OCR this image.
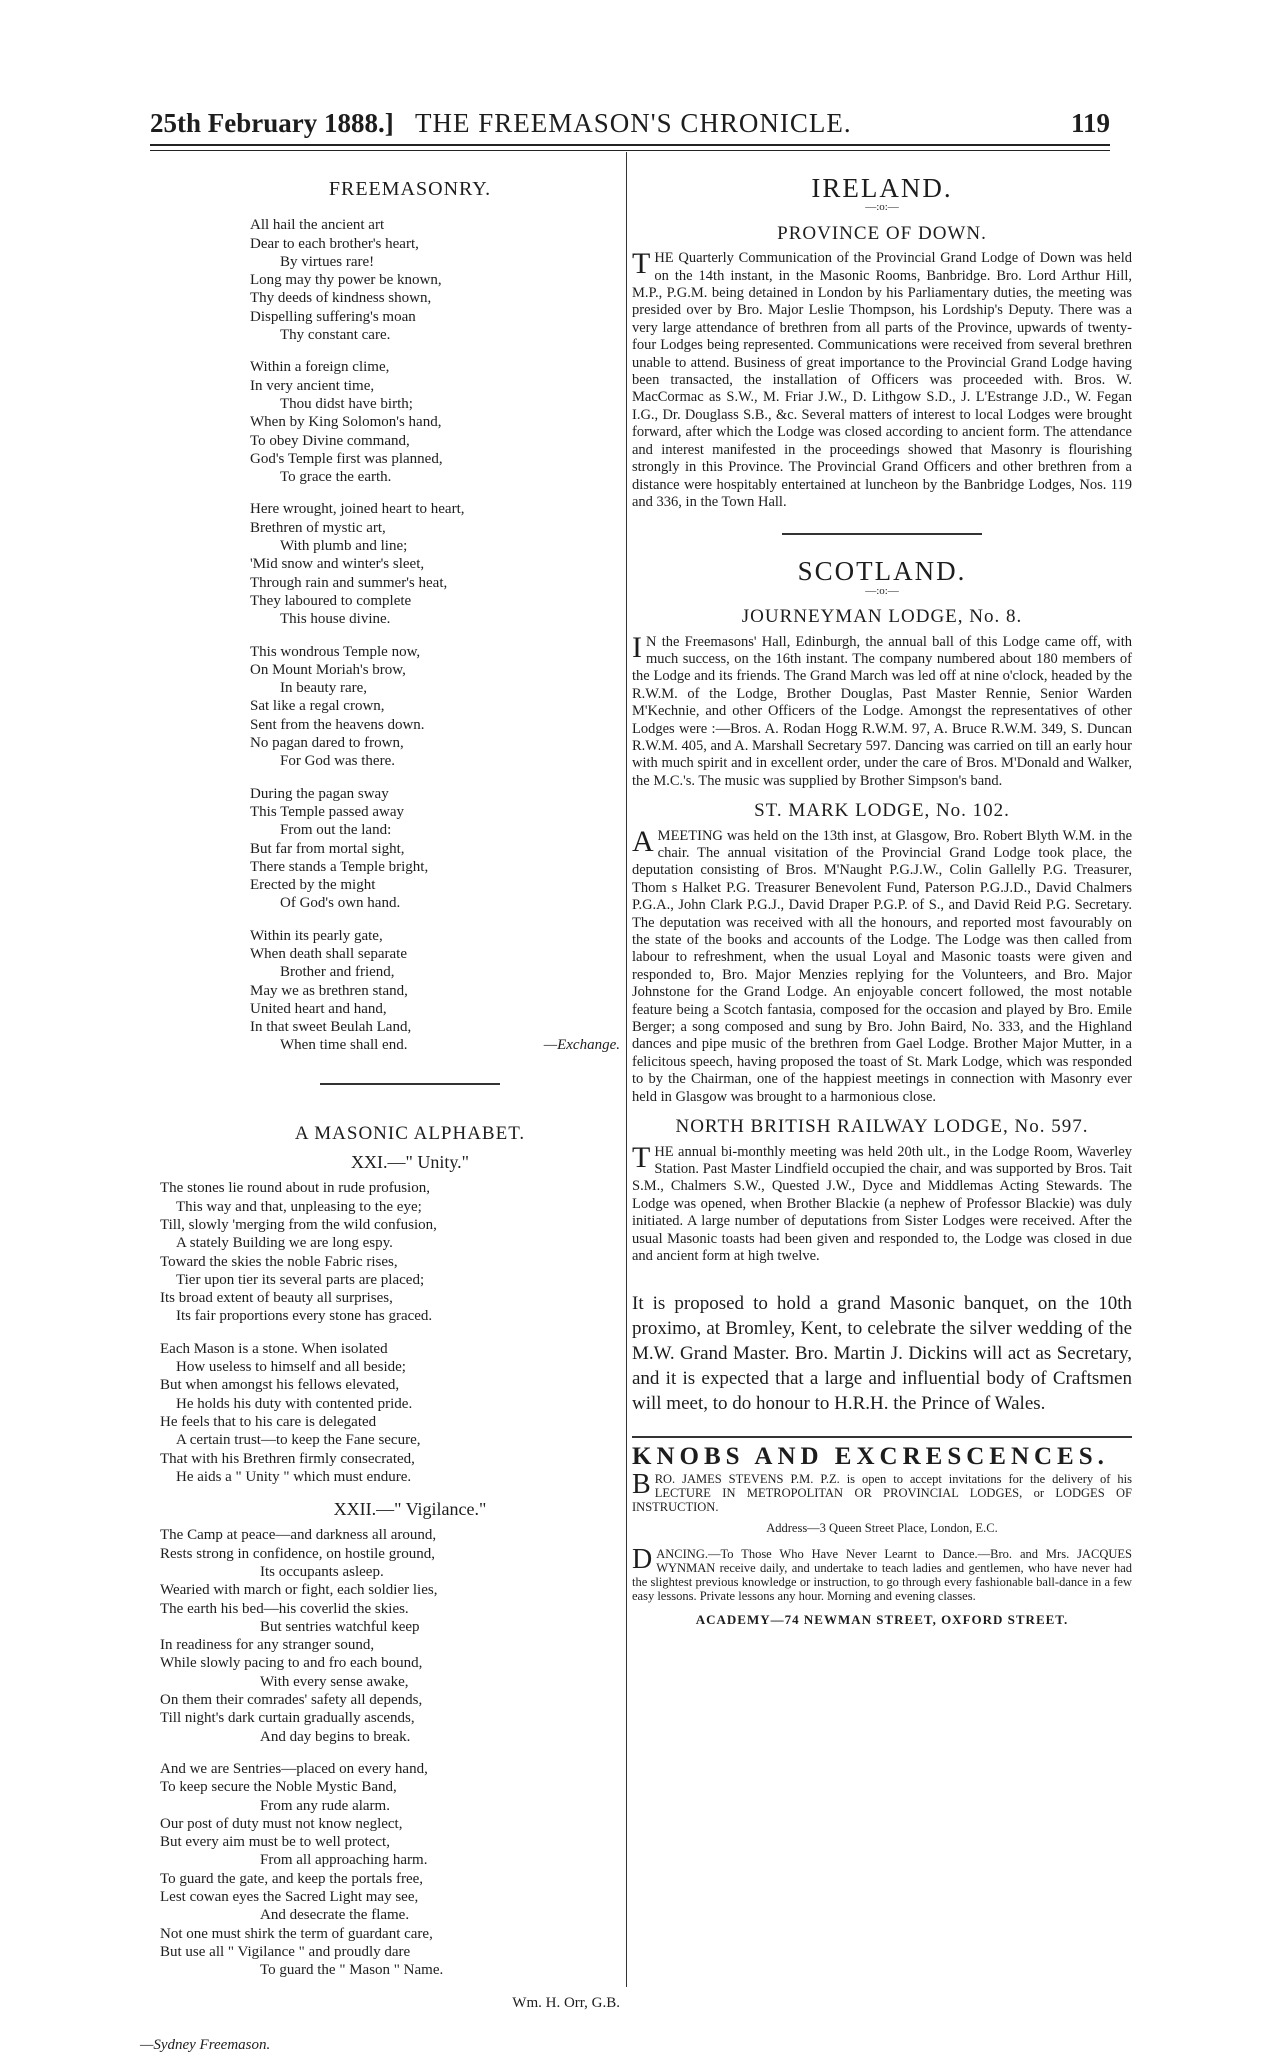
25th February 1888.] THE FREEMASON'S CHRONICLE.	119
FREEMASONRY.
All hail the ancient art
Dear to each brother's heart,
By virtues rare!
Long may thy power be known,
Thy deeds of kindness shown,
Dispelling suffering's moan
Thy constant care.
Within a foreign clime,
In very ancient time,
Thou didst have birth;
When by King Solomon's hand,
To obey Divine command,
God's Temple first was planned,
To grace the earth.
Here wrought, joined heart to heart,
Brethren of mystic art,
With plumb and line;
'Mid snow and winter's sleet,
Through rain and summer's heat,
They laboured to complete
This house divine.
This wondrous Temple now,
On Mount Moriah's brow,
In beauty rare,
Sat like a regal crown,
Sent from the heavens down.
No pagan dared to frown,
For God was there.
During the pagan sway
This Temple passed away
From out the land:
But far from mortal sight,
There stands a Temple bright,
Erected by the might
Of God's own hand.
Within its pearly gate,
When death shall separate
Brother and friend,
May we as brethren stand,
United heart and hand,
In that sweet Beulah Land,
When time shall end.	—Exchange.
A MASONIC ALPHABET.
XXI.—" Unity."
The stones lie round about in rude profusion,
This way and that, unpleasing to the eye;
Till, slowly 'merging from the wild confusion,
A stately Building we are long espy.
Toward the skies the noble Fabric rises,
Tier upon tier its several parts are placed;
Its broad extent of beauty all surprises,
Its fair proportions every stone has graced.
Each Mason is a stone. When isolated
How useless to himself and all beside;
But when amongst his fellows elevated,
He holds his duty with contented pride.
He feels that to his care is delegated
A certain trust—to keep the Fane secure,
That with his Brethren firmly consecrated,
He aids a " Unity " which must endure.
XXII.—" Vigilance."
The Camp at peace—and darkness all around,
Rests strong in confidence, on hostile ground,
Its occupants asleep.
Wearied with march or fight, each soldier lies,
The earth his bed—his coverlid the skies.
But sentries watchful keep
In readiness for any stranger sound,
While slowly pacing to and fro each bound,
With every sense awake,
On them their comrades' safety all depends,
Till night's dark curtain gradually ascends,
And day begins to break.
And we are Sentries—placed on every hand,
To keep secure the Noble Mystic Band,
From any rude alarm.
Our post of duty must not know neglect,
But every aim must be to well protect,
From all approaching harm.
To guard the gate, and keep the portals free,
Lest cowan eyes the Sacred Light may see,
And desecrate the flame.
Not one must shirk the term of guardant care,
But use all " Vigilance " and proudly dare
To guard the " Mason " Name.
Wm. H. Orr, G.B.
—Sydney Freemason.
IRELAND.
—:o:—
PROVINCE OF DOWN.

THE Quarterly Communication of the Provincial Grand Lodge of Down was held on the 14th instant, in the Masonic Rooms, Banbridge. Bro. Lord Arthur Hill, M.P., P.G.M. being detained in London by his Parliamentary duties, the meeting was presided over by Bro. Major Leslie Thompson, his Lordship's Deputy. There was a very large attendance of brethren from all parts of the Province, upwards of twenty-four Lodges being represented. Communications were received from several brethren unable to attend. Business of great importance to the Provincial Grand Lodge having been transacted, the installation of Officers was proceeded with. Bros. W. MacCormac as S.W., M. Friar J.W., D. Lithgow S.D., J. L'Estrange J.D., W. Fegan I.G., Dr. Douglass S.B., &c. Several matters of interest to local Lodges were brought forward, after which the Lodge was closed according to ancient form. The attendance and interest manifested in the proceedings showed that Masonry is flourishing strongly in this Province. The Provincial Grand Officers and other brethren from a distance were hospitably entertained at luncheon by the Banbridge Lodges, Nos. 119 and 336, in the Town Hall.

SCOTLAND.
—:o:—
JOURNEYMAN LODGE, No. 8.

IN the Freemasons' Hall, Edinburgh, the annual ball of this Lodge came off, with much success, on the 16th instant. The company numbered about 180 members of the Lodge and its friends. The Grand March was led off at nine o'clock, headed by the R.W.M. of the Lodge, Brother Douglas, Past Master Rennie, Senior Warden M'Kechnie, and other Officers of the Lodge. Amongst the representatives of other Lodges were :—Bros. A. Rodan Hogg R.W.M. 97, A. Bruce R.W.M. 349, S. Duncan R.W.M. 405, and A. Marshall Secretary 597. Dancing was carried on till an early hour with much spirit and in excellent order, under the care of Bros. M'Donald and Walker, the M.C.'s. The music was supplied by Brother Simpson's band.

ST. MARK LODGE, No. 102.

AMEETING was held on the 13th inst, at Glasgow, Bro. Robert Blyth W.M. in the chair. The annual visitation of the Provincial Grand Lodge took place, the deputation consisting of Bros. M'Naught P.G.J.W., Colin Gallelly P.G. Treasurer, Thom s Halket P.G. Treasurer Benevolent Fund, Paterson P.G.J.D., David Chalmers P.G.A., John Clark P.G.J., David Draper P.G.P. of S., and David Reid P.G. Secretary. The deputation was received with all the honours, and reported most favourably on the state of the books and accounts of the Lodge. The Lodge was then called from labour to refreshment, when the usual Loyal and Masonic toasts were given and responded to, Bro. Major Menzies replying for the Volunteers, and Bro. Major Johnstone for the Grand Lodge. An enjoyable concert followed, the most notable feature being a Scotch fantasia, composed for the occasion and played by Bro. Emile Berger; a song composed and sung by Bro. John Baird, No. 333, and the Highland dances and pipe music of the brethren from Gael Lodge. Brother Major Mutter, in a felicitous speech, having proposed the toast of St. Mark Lodge, which was responded to by the Chairman, one of the happiest meetings in connection with Masonry ever held in Glasgow was brought to a harmonious close.

NORTH BRITISH RAILWAY LODGE, No. 597.

THE annual bi-monthly meeting was held 20th ult., in the Lodge Room, Waverley Station. Past Master Lindfield occupied the chair, and was supported by Bros. Tait S.M., Chalmers S.W., Quested J.W., Dyce and Middlemas Acting Stewards. The Lodge was opened, when Brother Blackie (a nephew of Professor Blackie) was duly initiated. A large number of deputations from Sister Lodges were received. After the usual Masonic toasts had been given and responded to, the Lodge was closed in due and ancient form at high twelve.

It is proposed to hold a grand Masonic banquet, on the 10th proximo, at Bromley, Kent, to celebrate the silver wedding of the M.W. Grand Master. Bro. Martin J. Dickins will act as Secretary, and it is expected that a large and influential body of Craftsmen will meet, to do honour to H.R.H. the Prince of Wales.

KNOBS AND EXCRESCENCES.

BRO. JAMES STEVENS P.M. P.Z. is open to accept invitations for the delivery of his LECTURE IN METROPOLITAN OR PROVINCIAL LODGES, or LODGES OF INSTRUCTION.

Address—3 Queen Street Place, London, E.C.

DANCING.—To Those Who Have Never Learnt to Dance.—Bro. and Mrs. JACQUES WYNMAN receive daily, and undertake to teach ladies and gentlemen, who have never had the slightest previous knowledge or instruction, to go through every fashionable ball-dance in a few easy lessons. Private lessons any hour. Morning and evening classes.

ACADEMY—74 NEWMAN STREET, OXFORD STREET.
